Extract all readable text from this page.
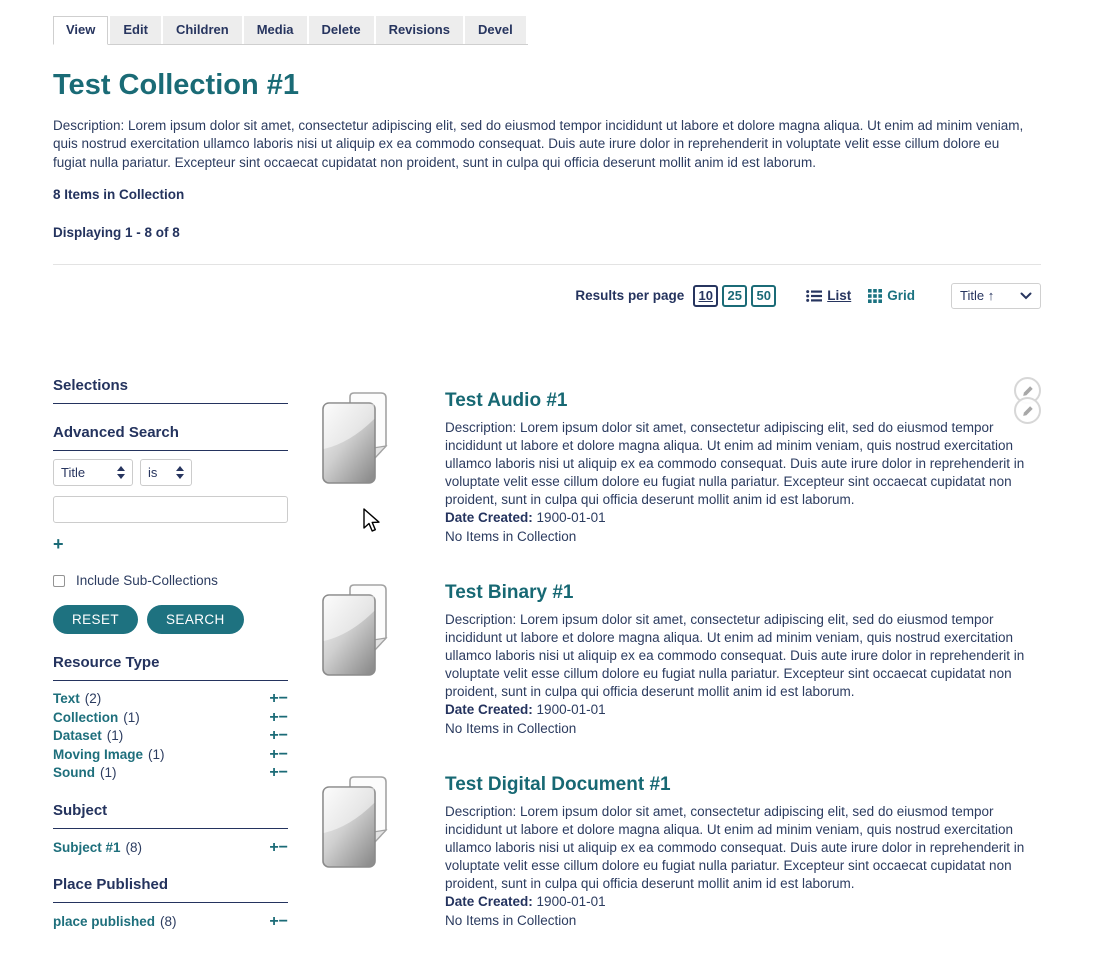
View	Edit	Children	Media	Delete	Revisions	Devel
Test Collection #1
Description: Lorem ipsum dolor sit amet, consectetur adipiscing elit, sed do eiusmod tempor incididunt ut labore et dolore magna aliqua. Ut enim ad minim veniam, quis nostrud exercitation ullamco laboris nisi ut aliquip ex ea commodo consequat. Duis aute irure dolor in reprehenderit in voluptate velit esse cillum dolore eu fugiat nulla pariatur. Excepteur sint occaecat cupidatat non proident, sunt in culpa qui officia deserunt mollit anim id est laborum.
8 Items in Collection
Displaying 1 - 8 of 8
Results per page	10	25	50	List	Grid	Title ↑
Selections
Advanced Search
Title	is
+
Include Sub-Collections
RESET	SEARCH
Resource Type
Text (2)	+ −
Collection (1)	+ −
Dataset (1)	+ −
Moving Image (1)	+ −
Sound (1)	+ −
Subject
Subject #1 (8)	+ −
Place Published
place published (8)	+ −
Test Audio #1
Description: Lorem ipsum dolor sit amet, consectetur adipiscing elit, sed do eiusmod tempor incididunt ut labore et dolore magna aliqua. Ut enim ad minim veniam, quis nostrud exercitation ullamco laboris nisi ut aliquip ex ea commodo consequat. Duis aute irure dolor in reprehenderit in voluptate velit esse cillum dolore eu fugiat nulla pariatur. Excepteur sint occaecat cupidatat non proident, sunt in culpa qui officia deserunt mollit anim id est laborum.
Date Created: 1900-01-01
No Items in Collection
Test Binary #1
Description: Lorem ipsum dolor sit amet, consectetur adipiscing elit, sed do eiusmod tempor incididunt ut labore et dolore magna aliqua. Ut enim ad minim veniam, quis nostrud exercitation ullamco laboris nisi ut aliquip ex ea commodo consequat. Duis aute irure dolor in reprehenderit in voluptate velit esse cillum dolore eu fugiat nulla pariatur. Excepteur sint occaecat cupidatat non proident, sunt in culpa qui officia deserunt mollit anim id est laborum.
Date Created: 1900-01-01
No Items in Collection
Test Digital Document #1
Description: Lorem ipsum dolor sit amet, consectetur adipiscing elit, sed do eiusmod tempor incididunt ut labore et dolore magna aliqua. Ut enim ad minim veniam, quis nostrud exercitation ullamco laboris nisi ut aliquip ex ea commodo consequat. Duis aute irure dolor in reprehenderit in voluptate velit esse cillum dolore eu fugiat nulla pariatur. Excepteur sint occaecat cupidatat non proident, sunt in culpa qui officia deserunt mollit anim id est laborum.
Date Created: 1900-01-01
No Items in Collection
